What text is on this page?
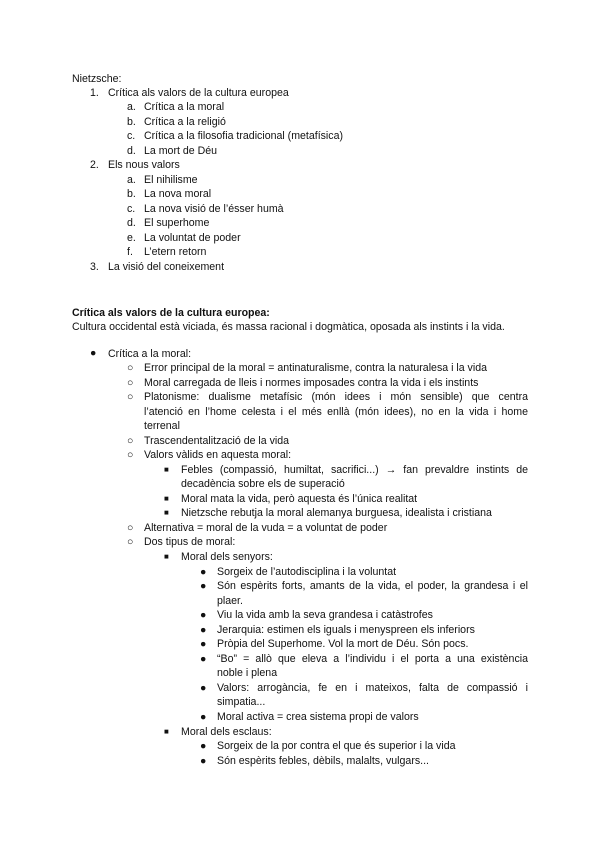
Nietzsche:
1. Crítica als valors de la cultura europea
a. Crítica a la moral
b. Crítica a la religió
c. Crítica a la filosofia tradicional (metafísica)
d. La mort de Déu
2. Els nous valors
a. El nihilisme
b. La nova moral
c. La nova visió de l’ésser humà
d. El superhome
e. La voluntat de poder
f. L’etern retorn
3. La visió del coneixement
Crítica als valors de la cultura europea:
Cultura occidental està viciada, és massa racional i dogmàtica, oposada als instints i la vida.
● Crítica a la moral:
○ Error principal de la moral = antinaturalisme, contra la naturalesa i la vida
○ Moral carregada de lleis i normes imposades contra la vida i els instints
○ Platonisme: dualisme metafísic (món idees i món sensible) que centra
l’atenció en l’home celesta i el més enllà (món idees), no en la vida i home
terrenal
○ Trascendentalització de la vida
○ Valors vàlids en aquesta moral:
■ Febles (compassió, humiltat, sacrifici...) → fan prevaldre instints de
decadència sobre els de superació
■ Moral mata la vida, però aquesta és l’única realitat
■ Nietzsche rebutja la moral alemanya burguesa, idealista i cristiana
○ Alternativa = moral de la vuda = a voluntat de poder
○ Dos tipus de moral:
■ Moral dels senyors:
● Sorgeix de l’autodisciplina i la voluntat
● Són espèrits forts, amants de la vida, el poder, la grandesa i el
plaer.
● Viu la vida amb la seva grandesa i catàstrofes
● Jerarquia: estimen els iguals i menyspreen els inferiors
● Pròpia del Superhome. Vol la mort de Déu. Són pocs.
● “Bo” = allò que eleva a l’individu i el porta a una existència
noble i plena
● Valors: arrogància, fe en i mateixos, falta de compassió i
simpatia...
● Moral activa = crea sistema propi de valors
■ Moral dels esclaus:
● Sorgeix de la por contra el que és superior i la vida
● Són espèrits febles, dèbils, malalts, vulgars...
